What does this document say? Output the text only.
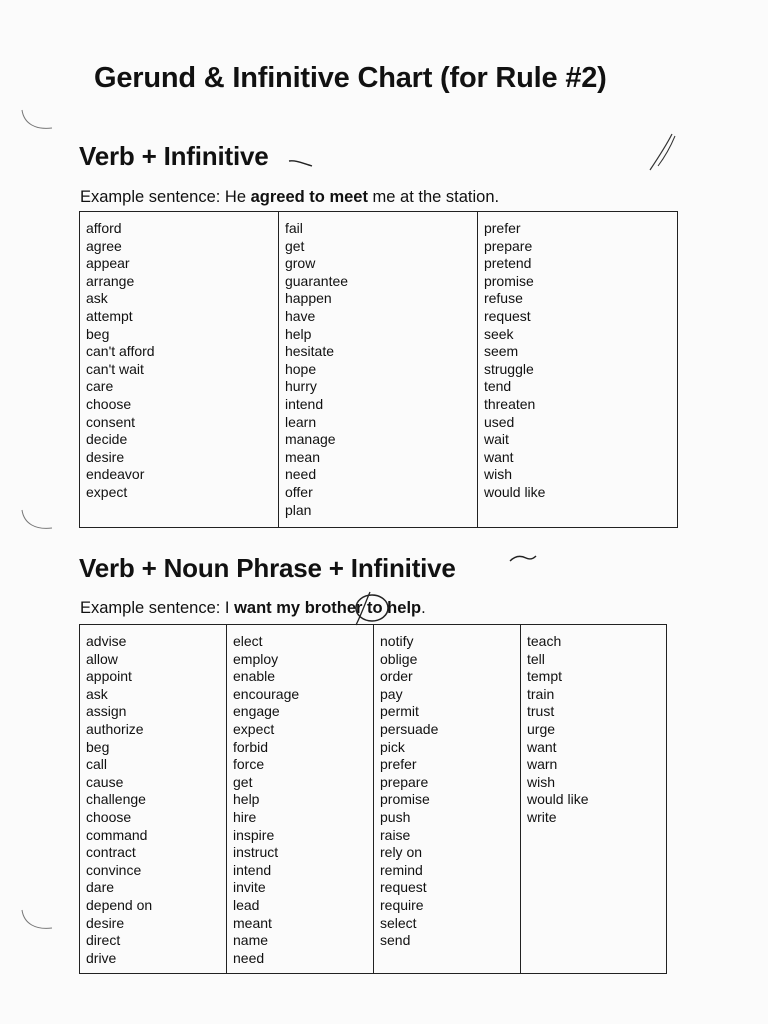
Gerund & Infinitive Chart (for Rule #2)
Verb + Infinitive
Example sentence: He agreed to meet me at the station.
afford
agree
appear
arrange
ask
attempt
beg
can't afford
can't wait
care
choose
consent
decide
desire
endeavor
expect
fail
get
grow
guarantee
happen
have
help
hesitate
hope
hurry
intend
learn
manage
mean
need
offer
plan
prefer
prepare
pretend
promise
refuse
request
seek
seem
struggle
tend
threaten
used
wait
want
wish
would like
Verb + Noun Phrase + Infinitive
Example sentence: I want my brother to help.
advise
allow
appoint
ask
assign
authorize
beg
call
cause
challenge
choose
command
contract
convince
dare
depend on
desire
direct
drive
elect
employ
enable
encourage
engage
expect
forbid
force
get
help
hire
inspire
instruct
intend
invite
lead
meant
name
need
notify
oblige
order
pay
permit
persuade
pick
prefer
prepare
promise
push
raise
rely on
remind
request
require
select
send
teach
tell
tempt
train
trust
urge
want
warn
wish
would like
write
